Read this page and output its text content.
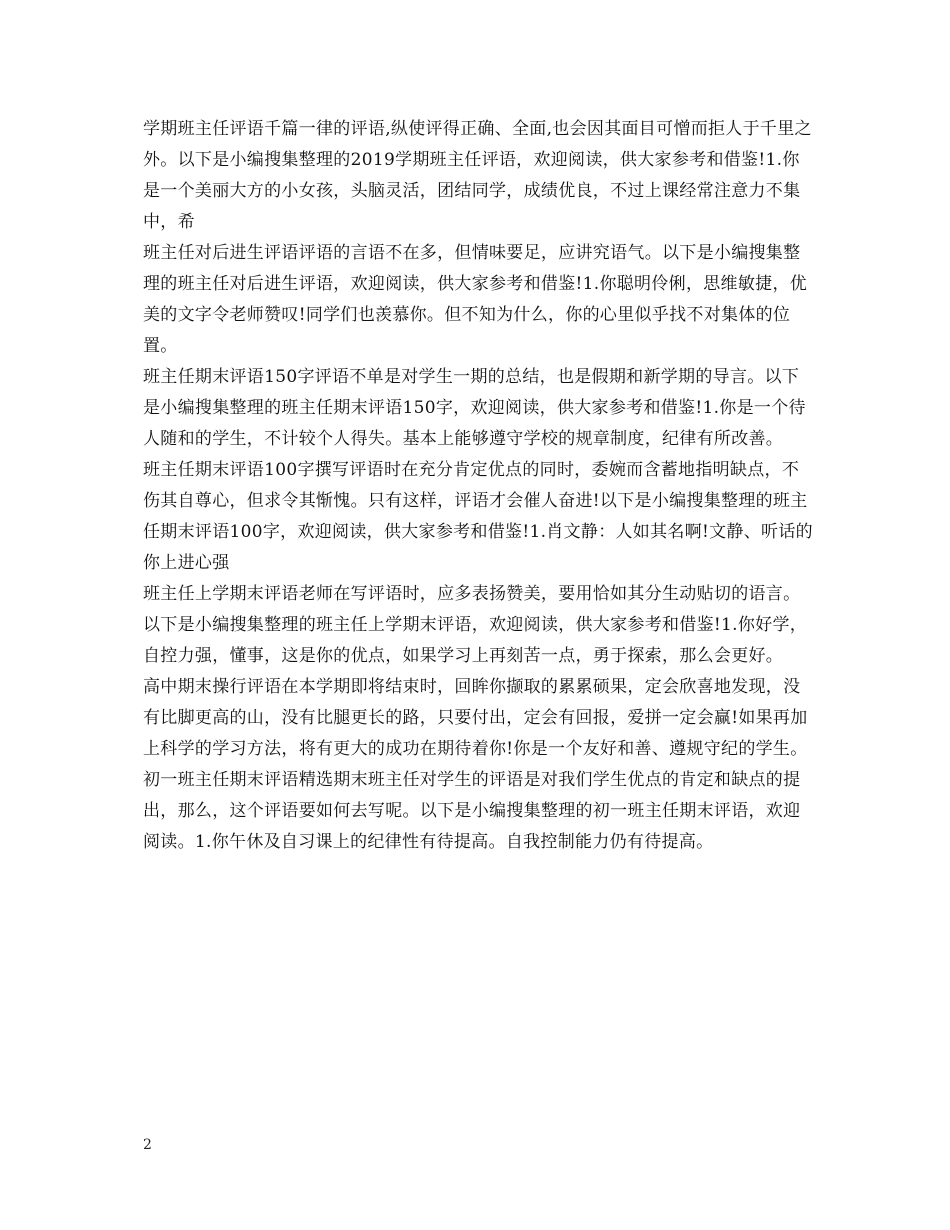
学期班主任评语千篇一律的评语,纵使评得正确、全面,也会因其面目可憎而拒人于千里之外。以下是小编搜集整理的2019学期班主任评语，欢迎阅读，供大家参考和借鉴!1.你是一个美丽大方的小女孩，头脑灵活，团结同学，成绩优良，不过上课经常注意力不集中，希

班主任对后进生评语评语的言语不在多，但情味要足，应讲究语气。以下是小编搜集整理的班主任对后进生评语，欢迎阅读，供大家参考和借鉴!1.你聪明伶俐，思维敏捷，优美的文字令老师赞叹!同学们也羡慕你。但不知为什么，你的心里似乎找不对集体的位置。

班主任期末评语150字评语不单是对学生一期的总结，也是假期和新学期的导言。以下是小编搜集整理的班主任期末评语150字，欢迎阅读，供大家参考和借鉴!1.你是一个待人随和的学生，不计较个人得失。基本上能够遵守学校的规章制度，纪律有所改善。

班主任期末评语100字撰写评语时在充分肯定优点的同时，委婉而含蓄地指明缺点，不伤其自尊心，但求令其惭愧。只有这样，评语才会催人奋进!以下是小编搜集整理的班主任期末评语100字，欢迎阅读，供大家参考和借鉴!1.肖文静：人如其名啊!文静、听话的你上进心强

班主任上学期末评语老师在写评语时，应多表扬赞美，要用恰如其分生动贴切的语言。以下是小编搜集整理的班主任上学期末评语，欢迎阅读，供大家参考和借鉴!1.你好学，自控力强，懂事，这是你的优点，如果学习上再刻苦一点，勇于探索，那么会更好。

高中期末操行评语在本学期即将结束时，回眸你撷取的累累硕果，定会欣喜地发现，没有比脚更高的山，没有比腿更长的路，只要付出，定会有回报，爱拼一定会赢!如果再加上科学的学习方法，将有更大的成功在期待着你!你是一个友好和善、遵规守纪的学生。

初一班主任期末评语精选期末班主任对学生的评语是对我们学生优点的肯定和缺点的提出，那么，这个评语要如何去写呢。以下是小编搜集整理的初一班主任期末评语，欢迎阅读。1.你午休及自习课上的纪律性有待提高。自我控制能力仍有待提高。

2
